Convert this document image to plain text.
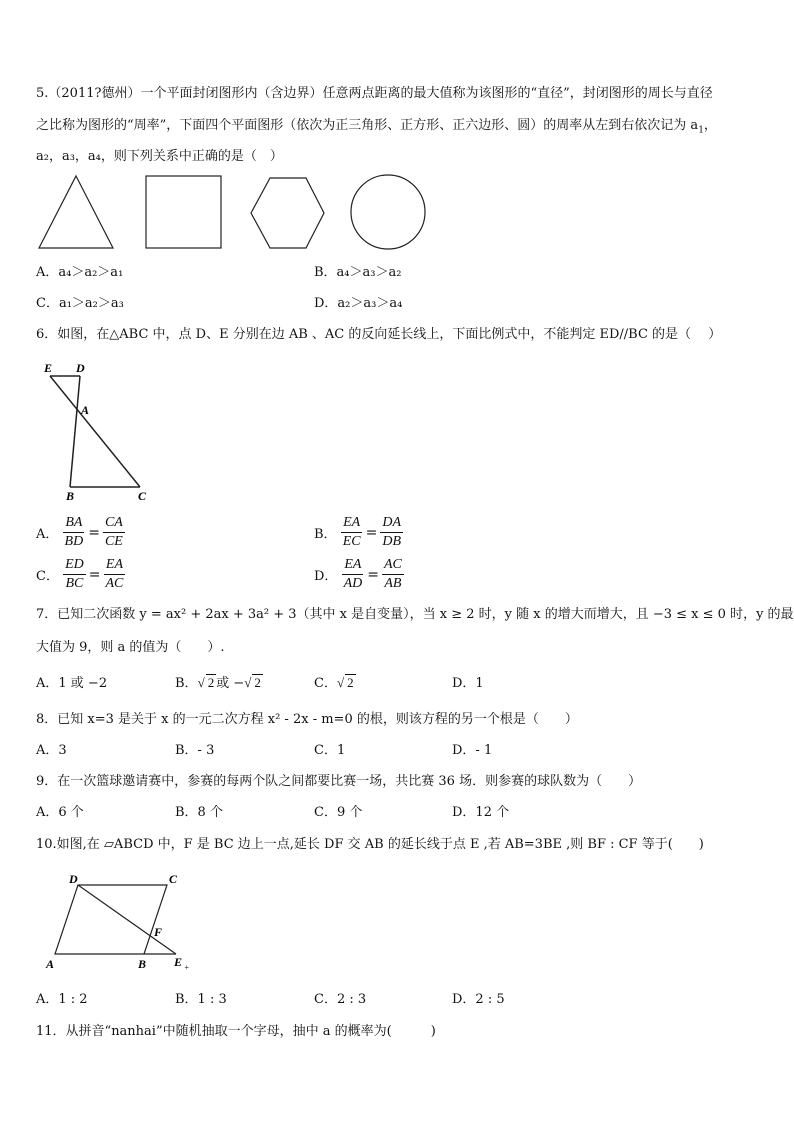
5.（2011?德州）一个平面封闭图形内（含边界）任意两点距离的最大值称为该图形的“直径”，封闭图形的周长与直径
之比称为图形的“周率”，下面四个平面图形（依次为正三角形、正方形、正六边形、圆）的周率从左到右依次记为 $a_1$，
a₂，a₃，a₄，则下列关系中正确的是（　）
A．a₄＞a₂＞a₁	B．a₄＞a₃＞a₂
C．a₁＞a₂＞a₃	D．a₂＞a₃＞a₄
6．如图，在△ABC 中，点 D、E 分别在边 AB 、AC 的反向延长线上，下面比例式中，不能判定 ED//BC 的是（　 ）
E D
A
B	C
A． $\frac{BA}{BD} = \frac{CA}{CE}$	B． $\frac{EA}{EC} = \frac{DA}{DB}$
C． $\frac{ED}{BC} = \frac{EA}{AC}$	D． $\frac{EA}{AD} = \frac{AC}{AB}$
7．已知二次函数 y = ax² + 2ax + 3a² + 3（其中 x 是自变量），当 x ≥ 2 时，y 随 x 的增大而增大，且 −3 ≤ x ≤ 0 时，y 的最
大值为 9，则 a 的值为（　　）.
A．1 或 −2	B．√ 2 或 −√ 2	C．√ 2	D．1
8．已知 x=3 是关于 x 的一元二次方程 x² - 2x - m=0 的根，则该方程的另一个根是（　　）
A．3	B．- 3	C．1	D．- 1
9．在一次篮球邀请赛中，参赛的每两个队之间都要比赛一场，共比赛 36 场．则参赛的球队数为（　　）
A．6 个	B．8 个	C．9 个	D．12 个
10.如图,在 ▱ABCD 中，F 是 BC 边上一点,延长 DF 交 AB 的延长线于点 E ,若 AB=3BE ,则 BF : CF 等于(　　)
D	C
F
A	B E +
A．1 : 2	B．1 : 3	C．2 : 3	D．2 : 5
11．从拼音“nanhai”中随机抽取一个字母，抽中 a 的概率为(　　　)
